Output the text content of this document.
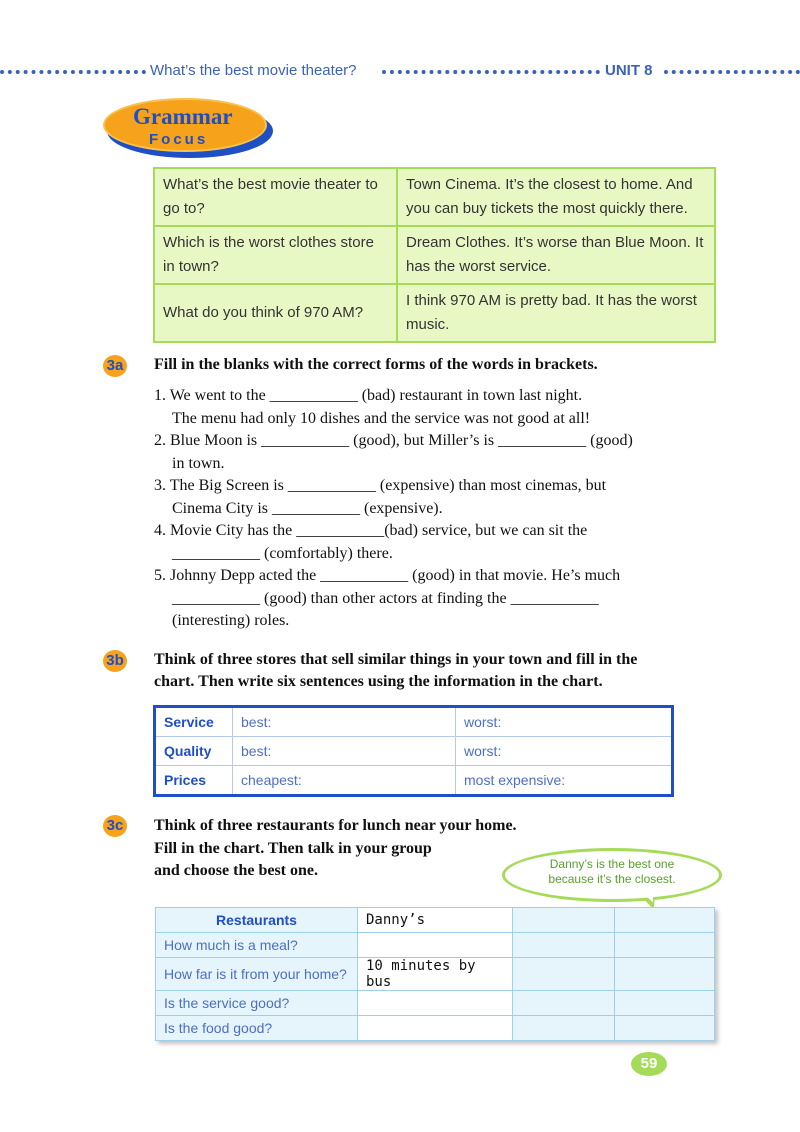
What’s the best movie theater?	UNIT 8
Grammar
Focus
What’s the best movie theater to go to?	Town Cinema. It’s the closest to home. And you can buy tickets the most quickly there.
Which is the worst clothes store in town?	Dream Clothes. It’s worse than Blue Moon. It has the worst service.
What do you think of 970 AM?	I think 970 AM is pretty bad. It has the worst music.
3a Fill in the blanks with the correct forms of the words in brackets.
1. We went to the ___________ (bad) restaurant in town last night.
The menu had only 10 dishes and the service was not good at all!
2. Blue Moon is ___________ (good), but Miller’s is ___________ (good)
in town.
3. The Big Screen is ___________ (expensive) than most cinemas, but
Cinema City is ___________ (expensive).
4. Movie City has the ___________(bad) service, but we can sit the
___________ (comfortably) there.
5. Johnny Depp acted the ___________ (good) in that movie. He’s much
___________ (good) than other actors at finding the ___________
(interesting) roles.
3b Think of three stores that sell similar things in your town and fill in the
chart. Then write six sentences using the information in the chart.
Service	best:	worst:
Quality	best:	worst:
Prices	cheapest:	most expensive:
3c Think of three restaurants for lunch near your home.
Fill in the chart. Then talk in your group
and choose the best one.	Danny’s is the best one
because it’s the closest.
Restaurants	Danny’s		
How much is a meal?			
How far is it from your home?	10 minutes by bus		
Is the service good?			
Is the food good?			
59
